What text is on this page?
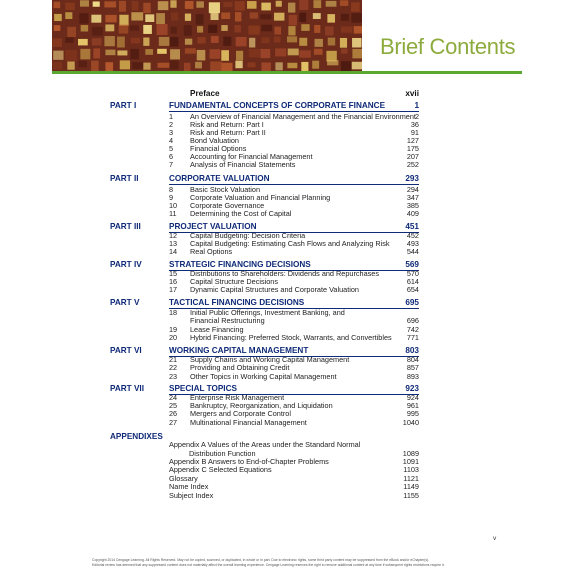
Brief Contents
Preface	xvii
PART I	FUNDAMENTAL CONCEPTS OF CORPORATE FINANCE	1
1 An Overview of Financial Management and the Financial Environment 2
2 Risk and Return: Part I	36
3 Risk and Return: Part II	91
4 Bond Valuation	127
5 Financial Options	175
6 Accounting for Financial Management	207
7 Analysis of Financial Statements	252
PART II	CORPORATE VALUATION	293
8 Basic Stock Valuation	294
9 Corporate Valuation and Financial Planning	347
10 Corporate Governance	385
11 Determining the Cost of Capital	409
PART III	PROJECT VALUATION	451
12 Capital Budgeting: Decision Criteria	452
13 Capital Budgeting: Estimating Cash Flows and Analyzing Risk 493
14 Real Options	544
PART IV	STRATEGIC FINANCING DECISIONS	569
15 Distributions to Shareholders: Dividends and Repurchases	570
16 Capital Structure Decisions	614
17 Dynamic Capital Structures and Corporate Valuation	654
PART V	TACTICAL FINANCING DECISIONS	695
18 Initial Public Offerings, Investment Banking, and
Financial Restructuring	696
19 Lease Financing	742
20 Hybrid Financing: Preferred Stock, Warrants, and Convertibles 771
PART VI	WORKING CAPITAL MANAGEMENT	803
21 Supply Chains and Working Capital Management	804
22 Providing and Obtaining Credit	857
23 Other Topics in Working Capital Management	893
PART VII	SPECIAL TOPICS	923
24 Enterprise Risk Management	924
25 Bankruptcy, Reorganization, and Liquidation	961
26 Mergers and Corporate Control	995
27 Multinational Financial Management	1040
APPENDIXES
Appendix A Values of the Areas under the Standard Normal
Distribution Function	1089
Appendix B Answers to End-of-Chapter Problems	1091
Appendix C Selected Equations	1103
Glossary	1121
Name Index	1149
Subject Index	1155
v
Copyright 2014 Cengage Learning. All Rights Reserved. May not be copied, scanned, or duplicated, in whole or in part. Due to electronic rights, some third party content may be suppressed from the eBook and/or eChapter(s).
Editorial review has deemed that any suppressed content does not materially affect the overall learning experience. Cengage Learning reserves the right to remove additional content at any time if subsequent rights restrictions require it.
